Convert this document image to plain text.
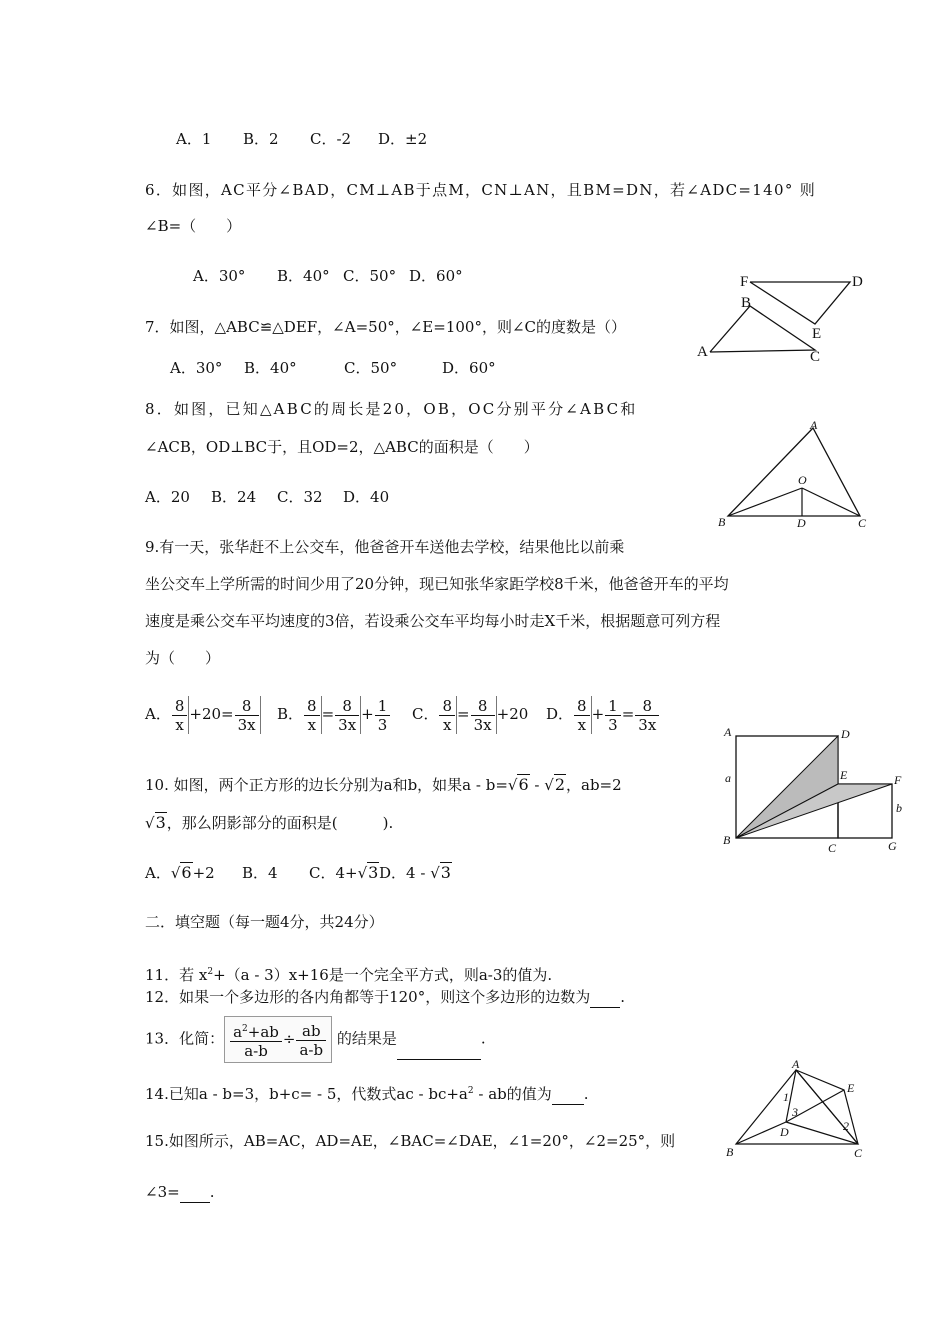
A．1 B．2 C．-2 D．±2
6．如图，AC平分∠BAD，CM⊥AB于点M，CN⊥AN，且BM=DN，若∠ADC=140° 则
∠B=（　　）
A．30° B．40° C．50° D．60°
7．如图，△ABC≌△DEF，∠A=50°，∠E=100°，则∠C的度数是（）
A．30° B．40°	C．50°	D．60°
F	D
B
E
A	C
8．如图，已知△ABC的周长是20，OB，OC分别平分∠ABC和
∠ACB，OD⊥BC于，且OD=2，△ABC的面积是（　　）
A．20 B．24 C．32 D．40
A
O
B	D	C
9.有一天，张华赶不上公交车，他爸爸开车送他去学校，结果他比以前乘
坐公交车上学所需的时间少用了20分钟，现已知张华家距学校8千米，他爸爸开车的平均
速度是乘公交车平均速度的3倍，若设乘公交车平均每小时走X千米，根据题意可列方程
为（　　）
A． $\frac{8}{x} +20= \frac{8}{3x}$ B． $\frac{8}{x} = \frac{8}{3x} + \frac{1}{3}$ C． $\frac{8}{x} = \frac{8}{3x} +20$ D． $\frac{8}{x} + \frac{1}{3} = \frac{8}{3x}$
10. 如图，两个正方形的边长分别为a和b，如果a - b=√6 - √2，ab=2
√3，那么阴影部分的面积是(　　　).
A．√6+2 B．4 C．4+√3D．4 - √3
A	D
E	F
B
C	G
a
b
二．填空题（每一题4分，共24分）
11．若 $x^2+(a - 3)x+16$是一个完全平方式，则a-3的值为.
12．如果一个多边形的各内角都等于120°，则这个多边形的边数为 .
13．化简： $\frac{a^2+ab}{a-b} \div \frac{ab}{a-b}$ 的结果是	.
14.已知a - b=3，b+c= - 5，代数式ac - $bc+a^2$ - ab的值为 .
15.如图所示，AB=AC，AD=AE，∠BAC=∠DAE，∠1=20°，∠2=25°，则
∠3= .
A
E
B	C
D
1
2
3
